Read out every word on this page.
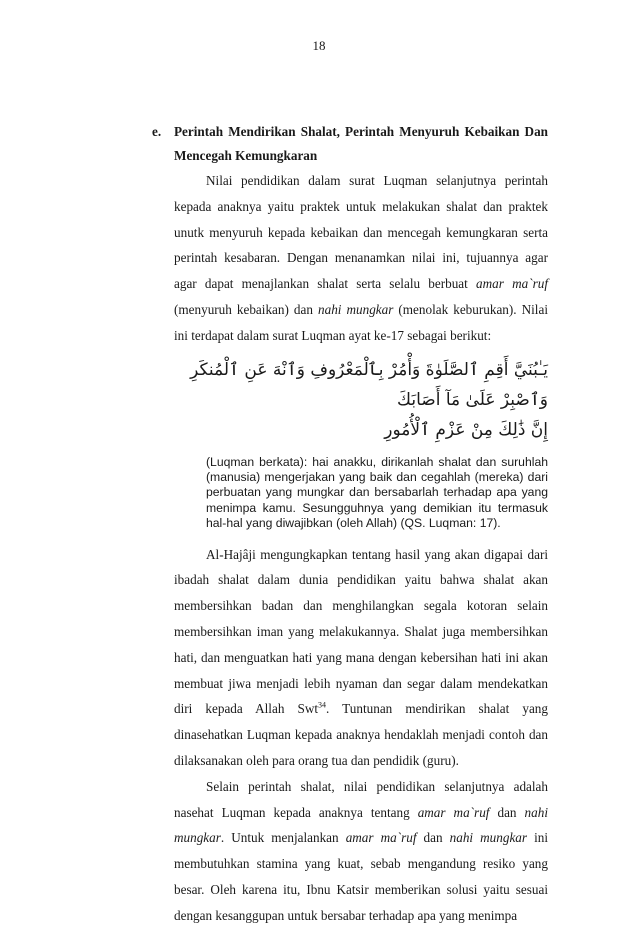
18
e. Perintah Mendirikan Shalat, Perintah Menyuruh Kebaikan Dan
Mencegah Kemungkaran

Nilai pendidikan dalam surat Luqman selanjutnya perintah kepada anaknya yaitu praktek untuk melakukan shalat dan praktek unutk menyuruh kepada kebaikan dan mencegah kemungkaran serta perintah kesabaran. Dengan menanamkan nilai ini, tujuannya agar agar dapat menajlankan shalat serta selalu berbuat amar ma`ruf (menyuruh kebaikan) dan nahi mungkar (menolak keburukan). Nilai ini terdapat dalam surat Luqman ayat ke-17 sebagai berikut:

يَـٰبُنَيَّ أَقِمِ ٱلصَّلَوٰةَ وَأْمُرْ بِٱلْمَعْرُوفِ وَٱنْهَ عَنِ ٱلْمُنكَرِ وَٱصْبِرْ عَلَىٰ مَآ أَصَابَكَ
إِنَّ ذَٰلِكَ مِنْ عَزْمِ ٱلْأُمُورِ

(Luqman berkata): hai anakku, dirikanlah shalat dan suruhlah (manusia) mengerjakan yang baik dan cegahlah (mereka) dari perbuatan yang mungkar dan bersabarlah terhadap apa yang menimpa kamu. Sesungguhnya yang demikian itu termasuk hal-hal yang diwajibkan (oleh Allah) (QS. Luqman: 17).

Al-Hajâji mengungkapkan tentang hasil yang akan digapai dari ibadah shalat dalam dunia pendidikan yaitu bahwa shalat akan membersihkan badan dan menghilangkan segala kotoran selain membersihkan iman yang melakukannya. Shalat juga membersihkan hati, dan menguatkan hati yang mana dengan kebersihan hati ini akan membuat jiwa menjadi lebih nyaman dan segar dalam mendekatkan diri kepada Allah Swt$^{34}$. Tuntunan mendirikan shalat yang dinasehatkan Luqman kepada anaknya hendaklah menjadi contoh dan dilaksanakan oleh para orang tua dan pendidik (guru).

Selain perintah shalat, nilai pendidikan selanjutnya adalah nasehat Luqman kepada anaknya tentang amar ma`ruf dan nahi mungkar. Untuk menjalankan amar ma`ruf dan nahi mungkar ini membutuhkan stamina yang kuat, sebab mengandung resiko yang besar. Oleh karena itu, Ibnu Katsir memberikan solusi yaitu sesuai dengan kesanggupan untuk bersabar terhadap apa yang menimpa
